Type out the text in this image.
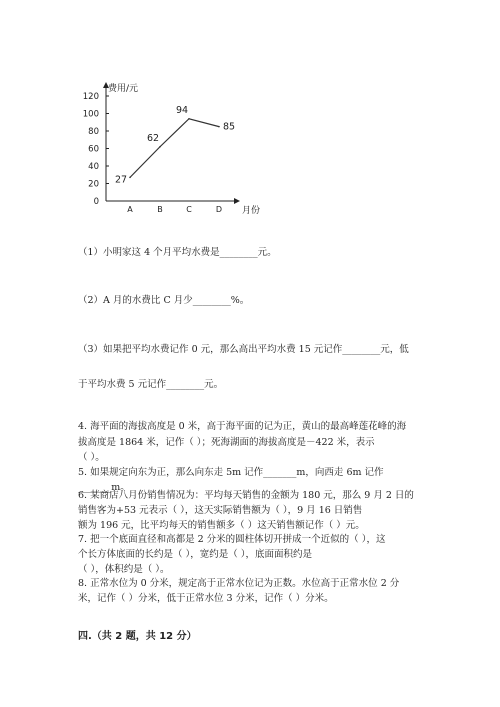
费用/元
月份
20
40
60
80
100
120
0
A	B	C	D
27
62
94
85
（1）小明家这 4 个月平均水费是________元。
（2）A 月的水费比 C 月少________%。
（3）如果把平均水费记作 0 元，那么高出平均水费 15 元记作________元，低
于平均水费 5 元记作________元。
4. 海平面的海拔高度是 0 米，高于海平面的记为正，黄山的最高峰莲花峰的海
拔高度是 1864 米，记作（ ）；死海湖面的海拔高度是－422 米，表示
（ ）。
5. 如果规定向东为正，那么向东走 5m 记作_______m，向西走 6m 记作
_______m。
6. 某商店八月份销售情况为：平均每天销售的金额为 180 元，那么 9 月 2 日的
销售客为+53 元表示（ ），这天实际销售额为（ ），9 月 16 日销售
额为 196 元，比平均每天的销售额多（ ）这天销售额记作（ ）元。
7. 把一个底面直径和高都是 2 分米的圆柱体切开拼成一个近似的（ ），这
个长方体底面的长约是（ ），宽约是（ ），底面面积约是
（ ），体积约是（ ）。
8. 正常水位为 0 分米，规定高于正常水位记为正数。水位高于正常水位 2 分
米，记作（ ）分米，低于正常水位 3 分米，记作（ ）分米。
四.（共 2 题，共 12 分）
